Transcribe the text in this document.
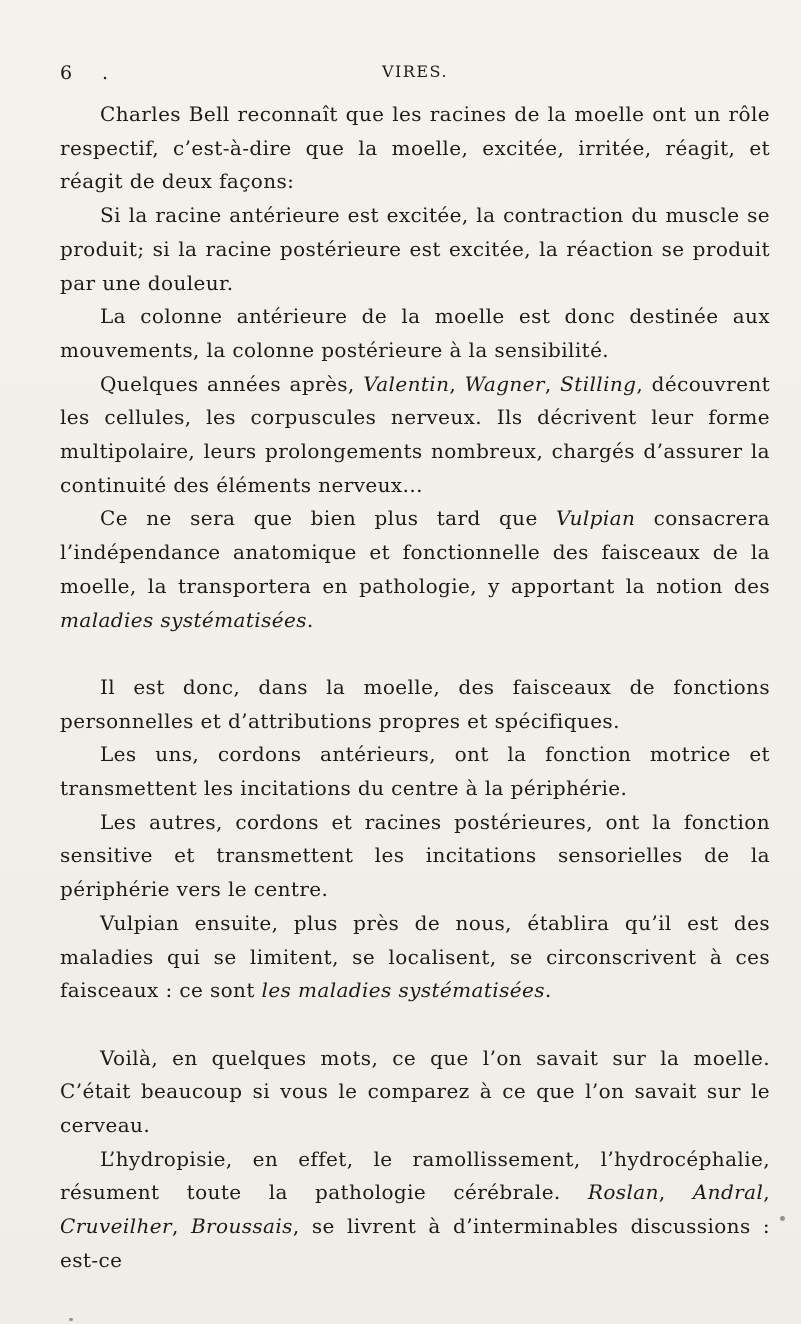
6 .	VIRES.

Charles Bell reconnaît que les racines de la moelle ont un rôle respectif, c’est-à-dire que la moelle, excitée, irritée, réagit, et réagit de deux façons:

Si la racine antérieure est excitée, la contraction du muscle se produit; si la racine postérieure est excitée, la réaction se produit par une douleur.

La colonne antérieure de la moelle est donc destinée aux mouvements, la colonne postérieure à la sensibilité.

Quelques années après, Valentin, Wagner, Stilling, découvrent les cellules, les corpuscules nerveux. Ils décrivent leur forme multipolaire, leurs prolongements nombreux, chargés d’assurer la continuité des éléments nerveux...

Ce ne sera que bien plus tard que Vulpian consacrera l’indépendance anatomique et fonctionnelle des faisceaux de la moelle, la transportera en pathologie, y apportant la notion des maladies systématisées.

Il est donc, dans la moelle, des faisceaux de fonctions personnelles et d’attributions propres et spécifiques.

Les uns, cordons antérieurs, ont la fonction motrice et transmettent les incitations du centre à la périphérie.

Les autres, cordons et racines postérieures, ont la fonction sensitive et transmettent les incitations sensorielles de la périphérie vers le centre.

Vulpian ensuite, plus près de nous, établira qu’il est des maladies qui se limitent, se localisent, se circonscrivent à ces faisceaux : ce sont les maladies systématisées.

Voilà, en quelques mots, ce que l’on savait sur la moelle. C’était beaucoup si vous le comparez à ce que l’on savait sur le cerveau.

L’hydropisie, en effet, le ramollissement, l’hydrocéphalie, résument toute la pathologie cérébrale. Roslan, Andral, Cruveilher, Broussais, se livrent à d’interminables discussions : est-ce
